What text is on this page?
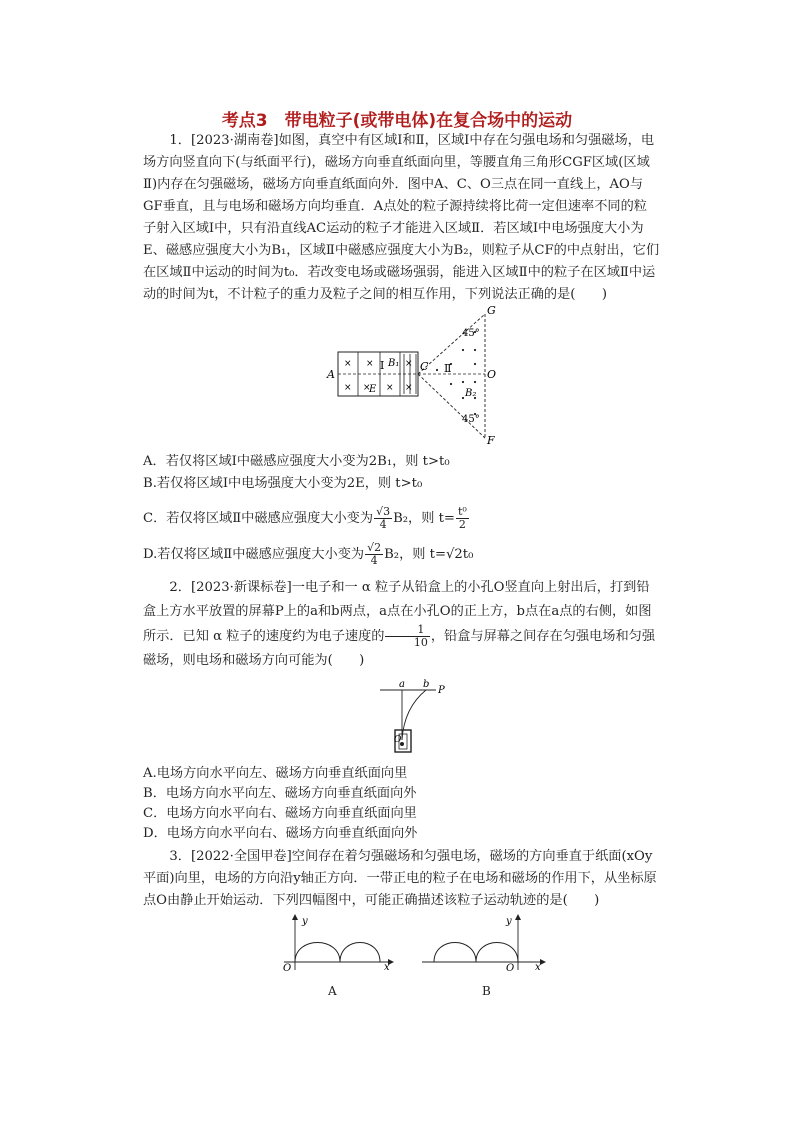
考点3　带电粒子(或带电体)在复合场中的运动
1．[2023·湖南卷]如图，真空中有区域Ⅰ和Ⅱ，区域Ⅰ中存在匀强电场和匀强磁场，电场方向竖直向下(与纸面平行)，磁场方向垂直纸面向里，等腰直角三角形CGF区域(区域Ⅱ)内存在匀强磁场，磁场方向垂直纸面向外．图中A、C、O三点在同一直线上，AO与GF垂直，且与电场和磁场方向均垂直．A点处的粒子源持续将比荷一定但速率不同的粒子射入区域Ⅰ中，只有沿直线AC运动的粒子才能进入区域Ⅱ．若区域Ⅰ中电场强度大小为E、磁感应强度大小为B₁，区域Ⅱ中磁感应强度大小为B₂，则粒子从CF的中点射出，它们在区域Ⅱ中运动的时间为t₀．若改变电场或磁场强弱，能进入区域Ⅱ中的粒子在区域Ⅱ中运动的时间为t，不计粒子的重力及粒子之间的相互作用，下列说法正确的是(　　)
A
C
O
G
F
B₁
E
Ⅰ	Ⅱ
B₂
45°
45°
× ×	×
× × × ×
A．若仅将区域Ⅰ中磁感应强度大小变为2B₁，则 t>t₀
B.若仅将区域Ⅰ中电场强度大小变为2E，则 t>t₀
C．若仅将区域Ⅱ中磁感应强度大小变为 $\frac{√3}{4} B_2$，则 $t= \frac{\text{t⁰}}{2}$
D.若仅将区域Ⅱ中磁感应强度大小变为 $\frac{√2}{4} B_2$，则 t=√2t₀
2．[2023·新课标卷]一电子和一 α 粒子从铅盒上的小孔O竖直向上射出后，打到铅盒上方水平放置的屏幕P上的a和b两点，a点在小孔O的正上方，b点在a点的右侧，如图所示．已知 α 粒子的速度约为电子速度的 $\frac{1}{10}$ ，铅盒与屏幕之间存在匀强电场和匀强磁场，则电场和磁场方向可能为(　　)
a b
P
O
A.电场方向水平向左、磁场方向垂直纸面向里
B．电场方向水平向左、磁场方向垂直纸面向外
C．电场方向水平向右、磁场方向垂直纸面向里
D．电场方向水平向右、磁场方向垂直纸面向外
3．[2022·全国甲卷]空间存在着匀强磁场和匀强电场，磁场的方向垂直于纸面(xOy平面)向里，电场的方向沿y轴正方向．一带正电的粒子在电场和磁场的作用下，从坐标原点O由静止开始运动．下列四幅图中，可能正确描述该粒子运动轨迹的是(　　)
y
x
O
A
y
x
O
B
